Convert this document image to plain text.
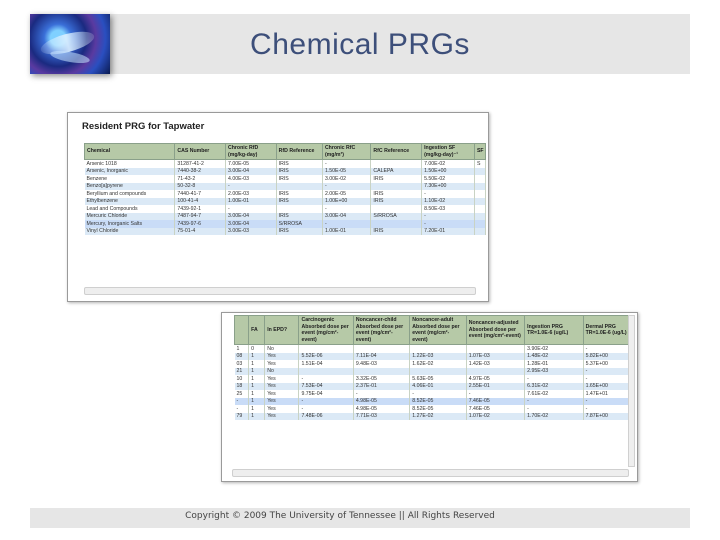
Chemical PRGs
Resident PRG for Tapwater
Chemical	CAS Number	Chronic RfD (mg/kg-day)	RfD Reference	Chronic RfC (mg/m³)	RfC Reference	Ingestion SF (mg/kg-day)⁻¹	SF
Arsenic 1018	31287-41-2	7.00E-05	IRIS	-		7.00E-02	S
Arsenic, Inorganic	7440-38-2	3.00E-04	IRIS	1.50E-05	CALEPA	1.50E+00	
Benzene	71-43-2	4.00E-03	IRIS	3.00E-02	IRIS	5.50E-02	
Benzo[a]pyrene	50-32-8	-		-		7.30E+00	
Beryllium and compounds	7440-41-7	2.00E-03	IRIS	2.00E-05	IRIS	-	
Ethylbenzene	100-41-4	1.00E-01	IRIS	1.00E+00	IRIS	1.10E-02	
Lead and Compounds	7439-92-1	-		-		8.50E-03	
Mercuric Chloride	7487-94-7	3.00E-04	IRIS	3.00E-04	S/RROSA	-	
Mercury, Inorganic Salts	7439-97-6	3.00E-04	S/RROSA	-		-	
Vinyl Chloride	75-01-4	3.00E-03	IRIS	1.00E-01	IRIS	7.20E-01	
	FA	In EPD?	Carcinogenic Absorbed dose per event (mg/cm²-event)	Noncancer-child Absorbed dose per event (mg/cm²-event)	Noncancer-adult Absorbed dose per event (mg/cm²-event)	Noncancer-adjusted Absorbed dose per event (mg/cm²-event)	Ingestion PRG TR=1.0E-6 (ug/L)	Dermal PRG TR=1.0E-6 (ug/L)
1	0	No					3.90E-02	-
08	1	Yes	5.52E-06	7.11E-04	1.22E-03	1.07E-03	1.48E-02	5.82E+00
03	1	Yes	1.51E-04	9.48E-03	1.62E-02	1.42E-03	1.28E-01	5.37E+00
21	1	No					2.95E-03	-
10	1	Yes	-	3.32E-05	5.63E-05	4.97E-05	-	-
18	1	Yes	7.53E-04	2.37E-01	4.06E-01	2.55E-01	6.31E-02	1.65E+00
25	1	Yes	9.75E-04	-	-	-	7.61E-02	1.47E+01
-	1	Yes	-	4.98E-05	8.52E-05	7.46E-05	-	-
-	1	Yes	-	4.98E-05	8.52E-05	7.46E-05	-	-
79	1	Yes	7.48E-06	7.71E-03	1.27E-02	1.07E-02	1.70E-02	7.87E+00
Copyright © 2009 The University of Tennessee || All Rights Reserved
